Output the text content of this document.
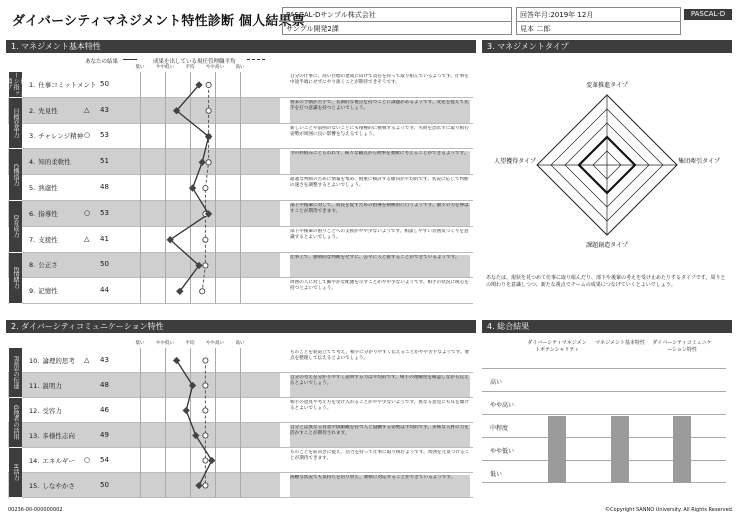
ダイバーシティマネジメント特性診断 個人結果票
PASCAL-Dサンプル株式会社
サンプル開発2課
回答年月:2019年 12月
見本 二郎
PASCAL-D
1. マネジメント基本特性
あなたの結果	成果を出している現任管理職平均
低い	やや低い	平均	やや高い	高い
1. 仕事コミットメント 50
自分の仕事に、高い目標の達成に向けて責任を持って取り組んでいるようです。仕事を中途半端にせずにやり抜くことが期待できそうです。
2. 先見性	△ 43
将来の予測が苦手で、長期的な視点を持つことに課題があるようです。変化を捉えて先手を打つ意識を持つとよいでしょう。
3. チャレンジ精神 ○ 53
新しいことや前例のないことにも積極的に挑戦するようです。失敗を恐れずに取り組む姿勢が周囲に良い影響を与えるでしょう。
4. 知的柔軟性	51
今の枠組みにとらわれず、様々な観点から物事を柔軟に考えることができるようです。
5. 熟慮性	48
最適な判断のために情報を集め、慎重に検討する傾向が平均的です。状況に応じて判断の速さを調整するとよいでしょう。
6. 指導性	○ 53
部下や後輩に対して、成長を促すための指導を積極的に行うようです。個々の力を伸ばすことが期待できます。
7. 支援性	△ 41
部下や後輩の困りごとへの支援がやや少ないようです。相談しやすい雰囲気づくりを意識するとよいでしょう。
8. 公正さ	50
仕事上で、感情的な判断をせずに、公平に人と接することができているようです。
9. 記憶性	44
周囲の人に対して細やかな配慮を示すことがやや少ないようです。相手の状況に関心を持つとよいでしょう。
リ総ダ合ーシ指ッ標プ
目標変革力
C構造力
D育成力
E情緒力
2. ダイバーシティコミュニケーション特性
低い	やや低い	平均	やや高い	高い
10. 論理的思考 △ 43
ものごとを筋道立てて考え、相手に分かりやすく伝えることがやや苦手なようです。要点を整理して伝えるとよいでしょう。
11. 説明力	48
自分の考えを分かりやすく説明する力は平均的です。相手の理解度を確認しながら伝えるとよいでしょう。
12. 受容力	46
相手の意見や考え方を受け入れることがやや少ないようです。異なる意見にも耳を傾けるとよいでしょう。
13. 多様性志向	49
自分とは異なる背景や価値観を持つ人と協働する姿勢は平均的です。多様な人材の力を活かすことが期待されます。
14. エネルギー ○ 54
ものごとを前向きに捉え、活力を持って仕事に取り組むようです。周囲を元気づけることが期待できます。
15. しなやかさ	50
困難な状況でも気持ちを切り替え、柔軟に対応することができているようです。
F意思の伝達
G他者の活用
H活力
3. マネジメントタイプ
変革推進タイプ
集団牽引タイプ
課題創造タイプ
人望獲得タイプ
あなたは、現状を見つめて仕事に取り組んだり、部下や後輩の考えを受け止めたりするタイプです。周りとの関わりを意識しつつ、新たな視点でチームの成果につなげていくとよいでしょう。
4. 総合結果
ダイバーシティマネジメントポテンシャリティ
マネジメント基本特性	ダイバーシティコミュニケーション特性
高い
やや高い
中程度
やや低い
低い
00236-00-000000002	©Copyright SANNO University. All Rights Reserved.
